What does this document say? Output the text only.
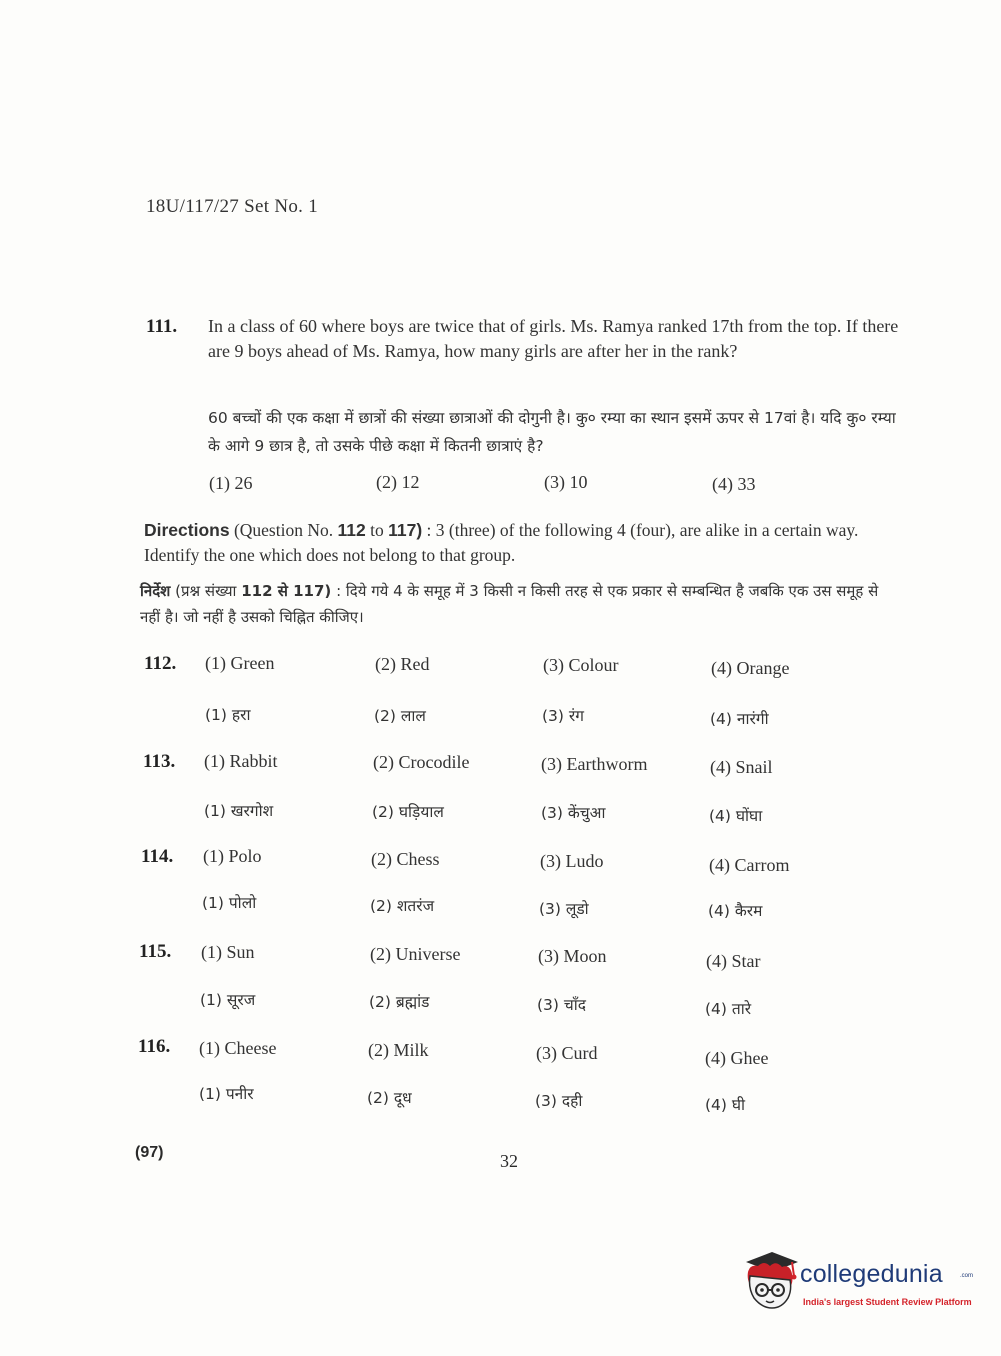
18U/117/27 Set No. 1
111. In a class of 60 where boys are twice that of girls. Ms. Ramya ranked 17th from the top. If there are 9 boys ahead of Ms. Ramya, how many girls are after her in the rank?
60 बच्चों की एक कक्षा में छात्रों की संख्या छात्राओं की दोगुनी है। कु० रम्या का स्थान इसमें ऊपर से 17वां है। यदि कु० रम्या के आगे 9 छात्र है, तो उसके पीछे कक्षा में कितनी छात्राएं है?
(1) 26	(2) 12	(3) 10	(4) 33
Directions (Question No. 112 to 117) : 3 (three) of the following 4 (four), are alike in a certain way. Identify the one which does not belong to that group.
निर्देश (प्रश्न संख्या 112 से 117) : दिये गये 4 के समूह में 3 किसी न किसी तरह से एक प्रकार से सम्बन्धित है जबकि एक उस समूह से नहीं है। जो नहीं है उसको चिह्नित कीजिए।
112. (1) Green	(2) Red	(3) Colour	(4) Orange
(1) हरा	(2) लाल	(3) रंग	(4) नारंगी
113. (1) Rabbit	(2) Crocodile	(3) Earthworm	(4) Snail
(1) खरगोश	(2) घड़ियाल	(3) केंचुआ	(4) घोंघा
114. (1) Polo	(2) Chess	(3) Ludo	(4) Carrom
(1) पोलो	(2) शतरंज	(3) लूडो	(4) कैरम
115. (1) Sun	(2) Universe	(3) Moon	(4) Star
(1) सूरज	(2) ब्रह्मांड	(3) चाँद	(4) तारे
116. (1) Cheese	(2) Milk	(3) Curd	(4) Ghee
(1) पनीर	(2) दूध	(3) दही	(4) घी
(97)	32
collegedunia	.com
India's largest Student Review Platform
